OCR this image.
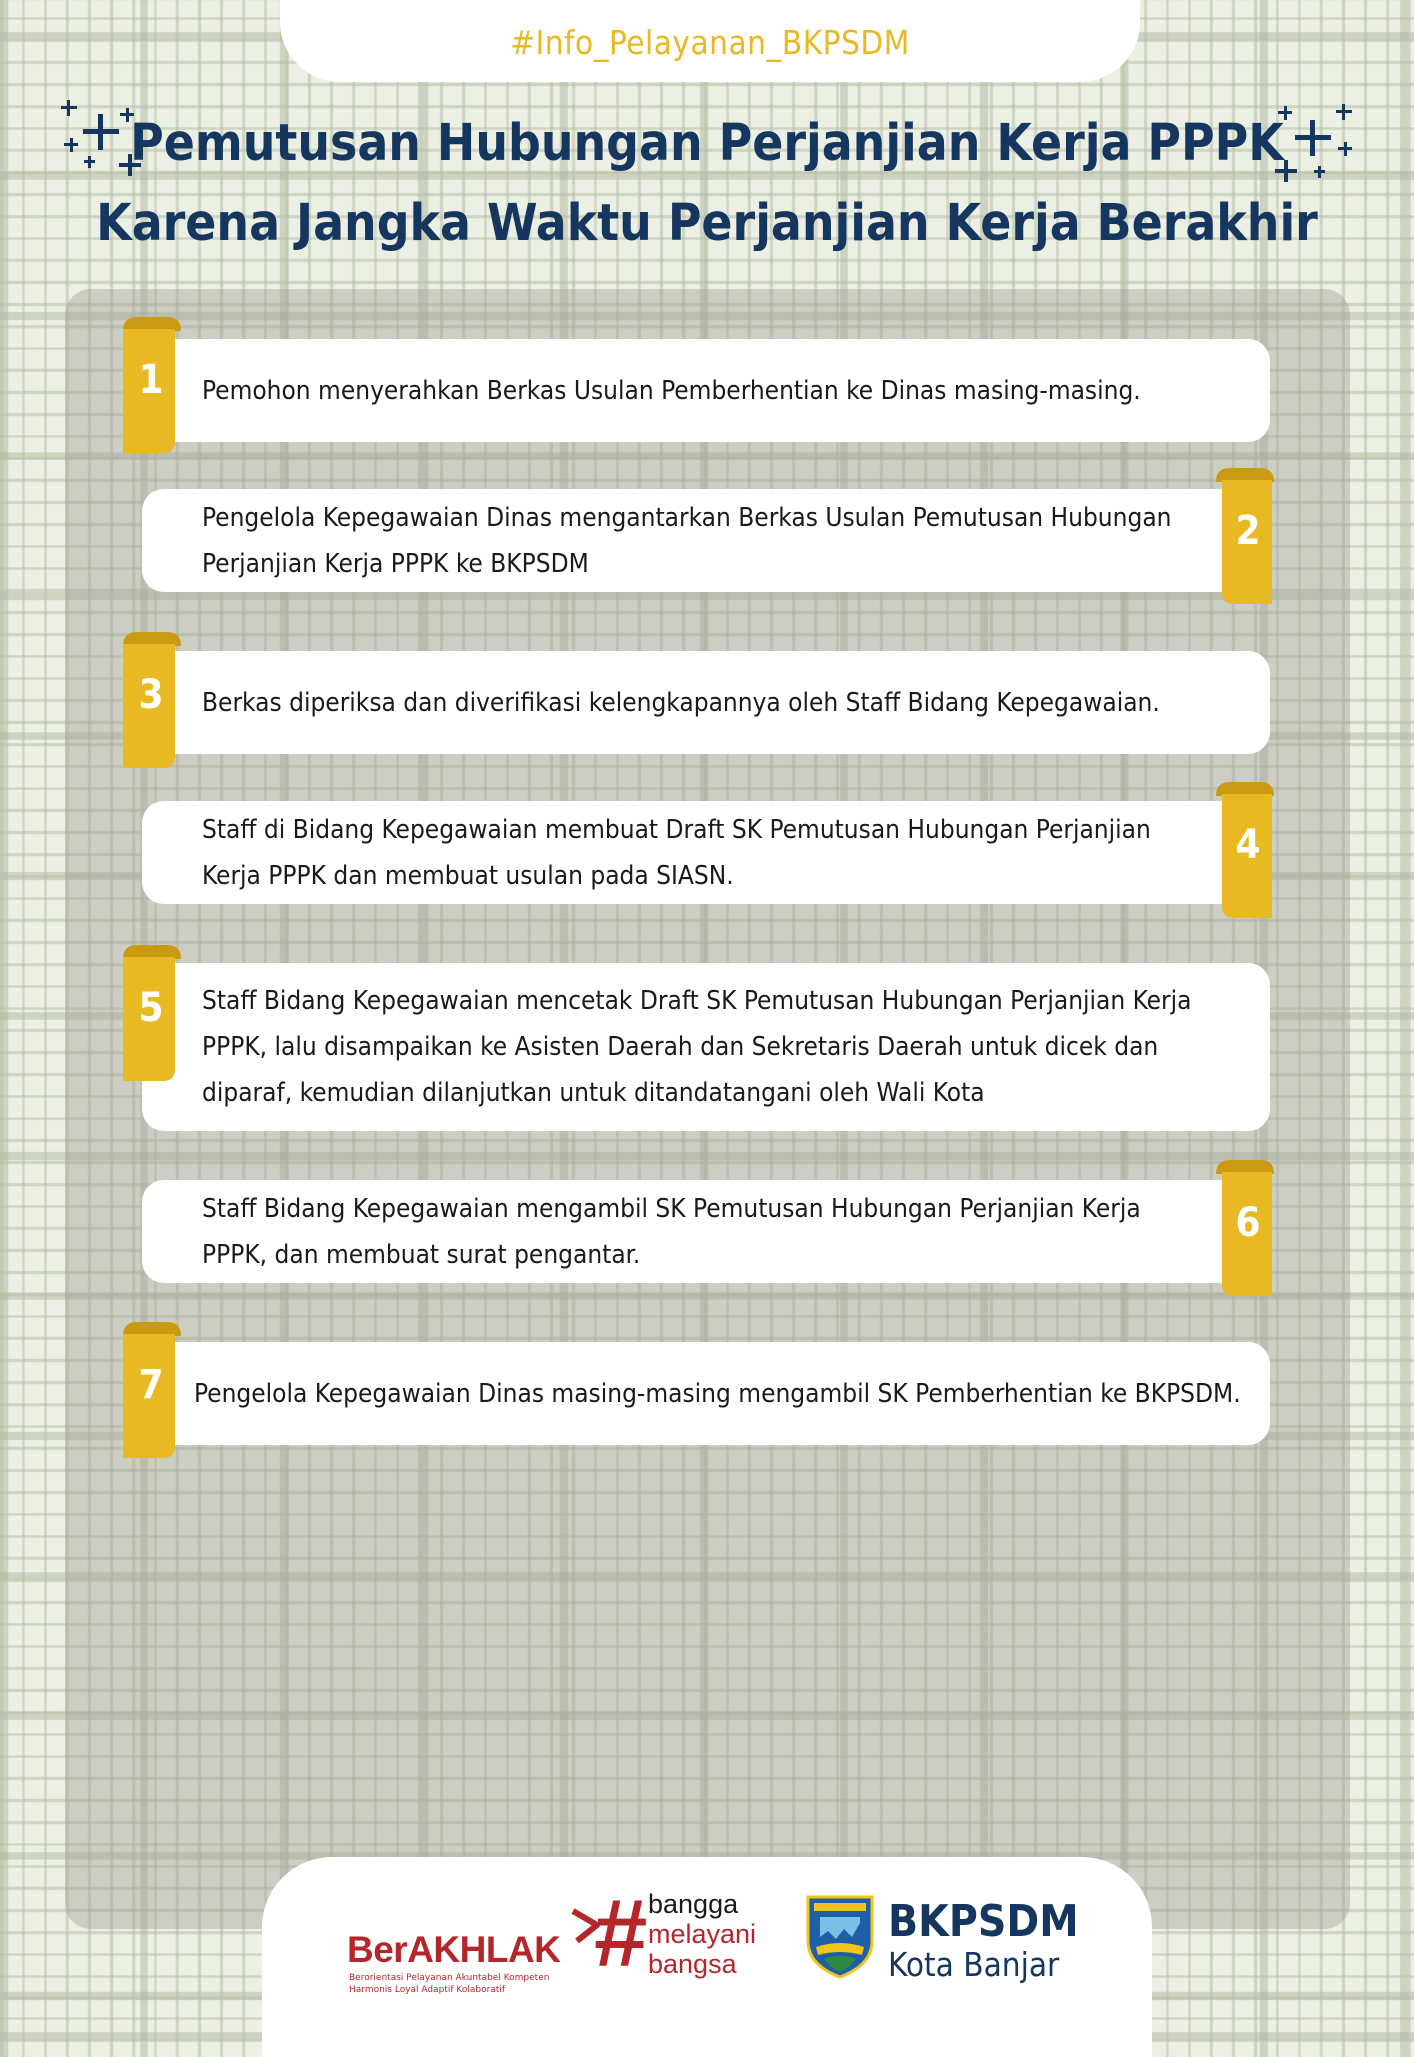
#Info_Pelayanan_BKPSDM
Pemutusan Hubungan Perjanjian Kerja PPPK
Karena Jangka Waktu Perjanjian Kerja Berakhir
Pemohon menyerahkan Berkas Usulan Pemberhentian ke Dinas masing-masing.
1
Pengelola Kepegawaian Dinas mengantarkan Berkas Usulan Pemutusan Hubungan Perjanjian Kerja PPPK ke BKPSDM
2
Berkas diperiksa dan diverifikasi kelengkapannya oleh Staff Bidang Kepegawaian.
3
Staff di Bidang Kepegawaian membuat Draft SK Pemutusan Hubungan Perjanjian Kerja PPPK dan membuat usulan pada SIASN.
4
Staff Bidang Kepegawaian mencetak Draft SK Pemutusan Hubungan Perjanjian Kerja PPPK, lalu disampaikan ke Asisten Daerah dan Sekretaris Daerah untuk dicek dan diparaf, kemudian dilanjutkan untuk ditandatangani oleh Wali Kota
5
Staff Bidang Kepegawaian mengambil SK Pemutusan Hubungan Perjanjian Kerja PPPK, dan membuat surat pengantar.
6
Pengelola Kepegawaian Dinas masing-masing mengambil SK Pemberhentian ke BKPSDM.
7
BerAKHLAK
Berorientasi Pelayanan Akuntabel Kompeten
Harmonis Loyal Adaptif Kolaboratif
# bangga
melayani
bangsa
BKPSDM
Kota Banjar
